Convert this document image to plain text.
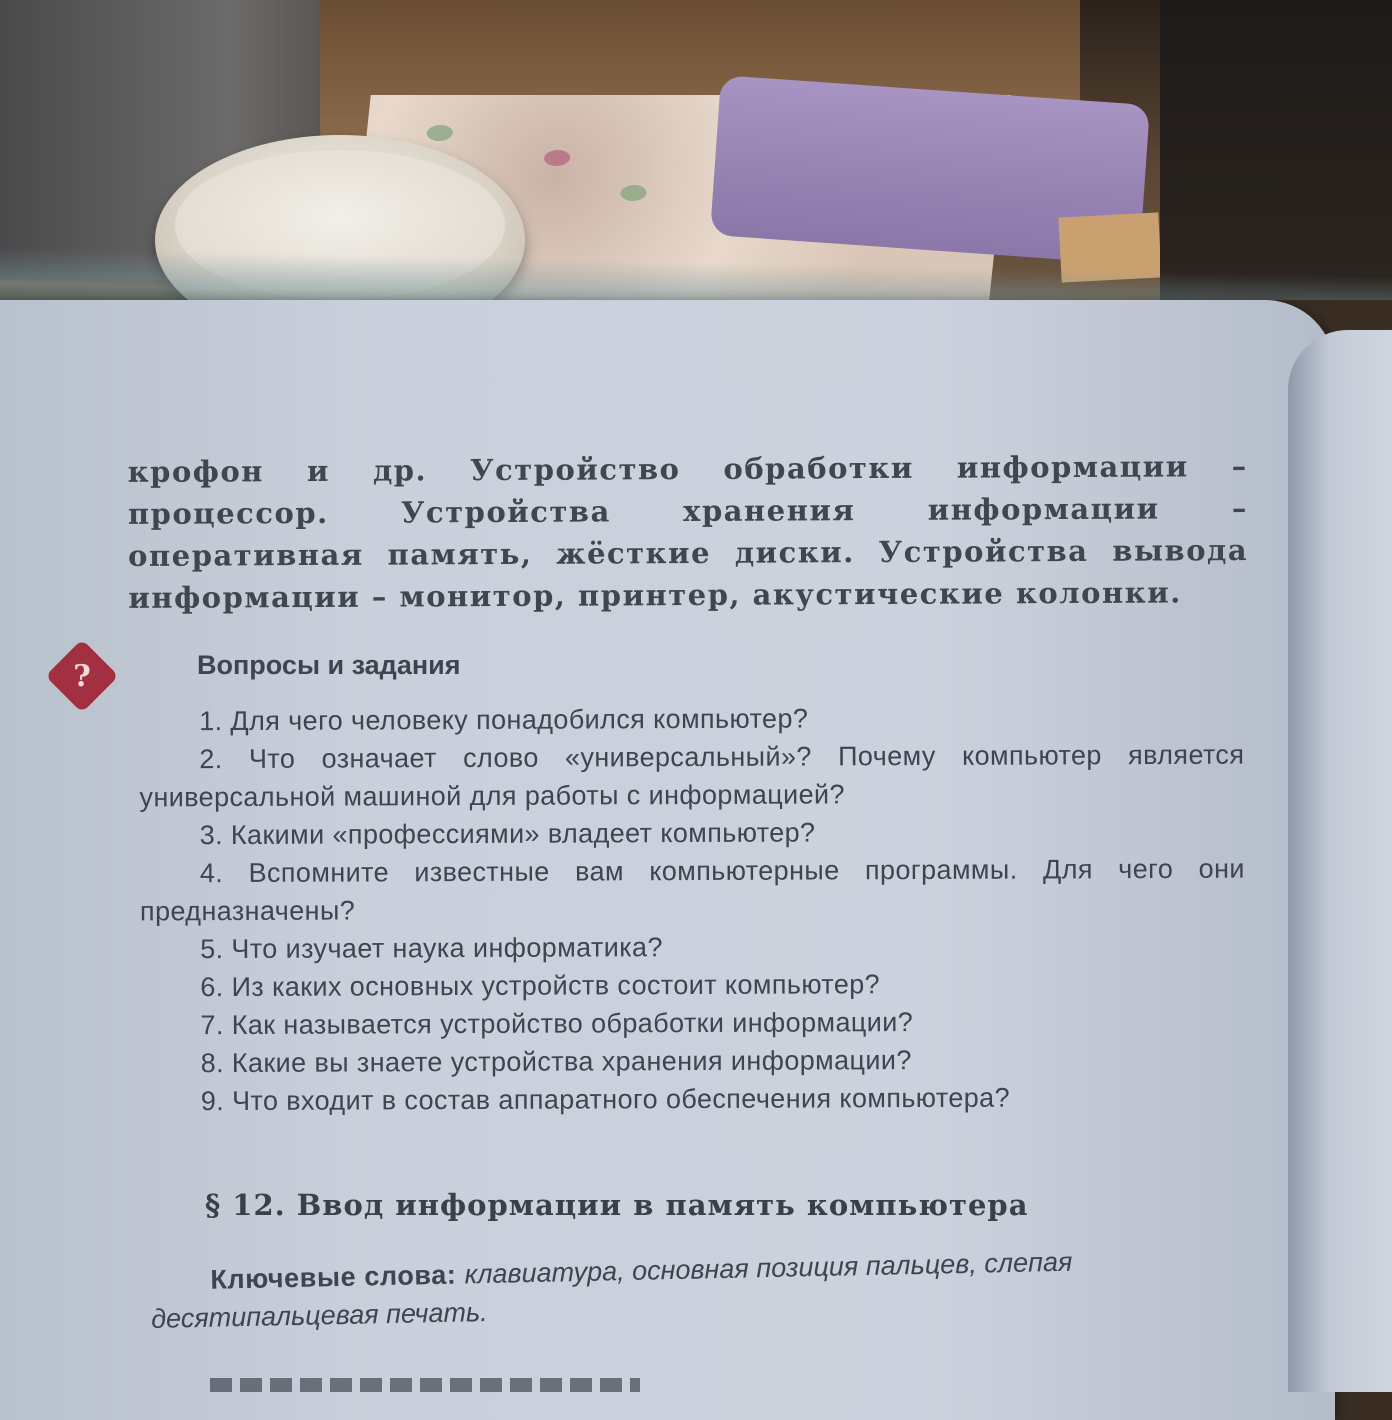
крофон и др. Устройство обработки информации – процессор. Устройства хранения информации – оперативная память, жёсткие диски. Устройства вывода информации – монитор, принтер, акустические колонки.
?	Вопросы и задания

1. Для чего человеку понадобился компьютер?

2. Что означает слово «универсальный»? Почему компьютер является универсальной машиной для работы с информацией?

3. Какими «профессиями» владеет компьютер?

4. Вспомните известные вам компьютерные программы. Для чего они предназначены?

5. Что изучает наука информатика?

6. Из каких основных устройств состоит компьютер?

7. Как называется устройство обработки информации?

8. Какие вы знаете устройства хранения информации?

9. Что входит в состав аппаратного обеспечения компьютера?

§ 12. Ввод информации в память компьютера
Ключевые слова: клавиатура, основная позиция пальцев, слепая десятипальцевая печать.
